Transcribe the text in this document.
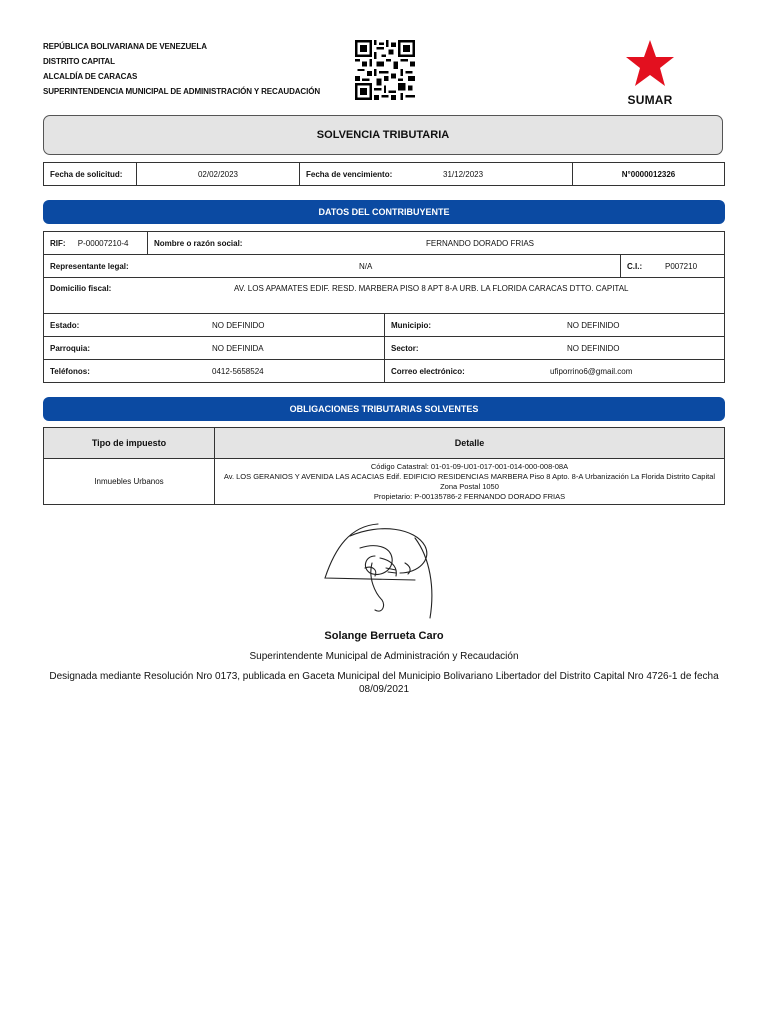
REPÚBLICA BOLIVARIANA DE VENEZUELA
DISTRITO CAPITAL
ALCALDÍA DE CARACAS
SUPERINTENDENCIA MUNICIPAL DE ADMINISTRACIÓN Y RECAUDACIÓN
SUMAR
SOLVENCIA TRIBUTARIA
Fecha de solicitud:	02/02/2023	Fecha de vencimiento:	31/12/2023	N°0000012326
DATOS DEL CONTRIBUYENTE
RIF: P-00007210-4	Nombre o razón social:	FERNANDO DORADO FRIAS
Representante legal:	N/A	C.I.:	P007210
Domicilio fiscal:	AV. LOS APAMATES EDIF. RESD. MARBERA PISO 8 APT 8-A URB. LA FLORIDA CARACAS DTTO. CAPITAL
Estado: NO DEFINIDO	Municipio: NO DEFINIDO

Parroquia: NO DEFINIDA	Sector: NO DEFINIDO

Teléfonos: 0412-5658524	Correo electrónico: ufiporrino6@gmail.com
OBLIGACIONES TRIBUTARIAS SOLVENTES
Tipo de impuesto	Detalle
Inmuebles Urbanos	Código Catastral: 01-01-09-U01-017-001-014-000-008-08A
Av. LOS GERANIOS Y AVENIDA LAS ACACIAS Edif. EDIFICIO RESIDENCIAS MARBERA Piso 8 Apto. 8-A Urbanización La Florida Distrito Capital
Zona Postal 1050
Propietario: P-00135786-2 FERNANDO DORADO FRIAS
Solange Berrueta Caro
Superintendente Municipal de Administración y Recaudación
Designada mediante Resolución Nro 0173, publicada en Gaceta Municipal del Municipio Bolivariano Libertador del Distrito Capital Nro 4726-1 de fecha 08/09/2021
